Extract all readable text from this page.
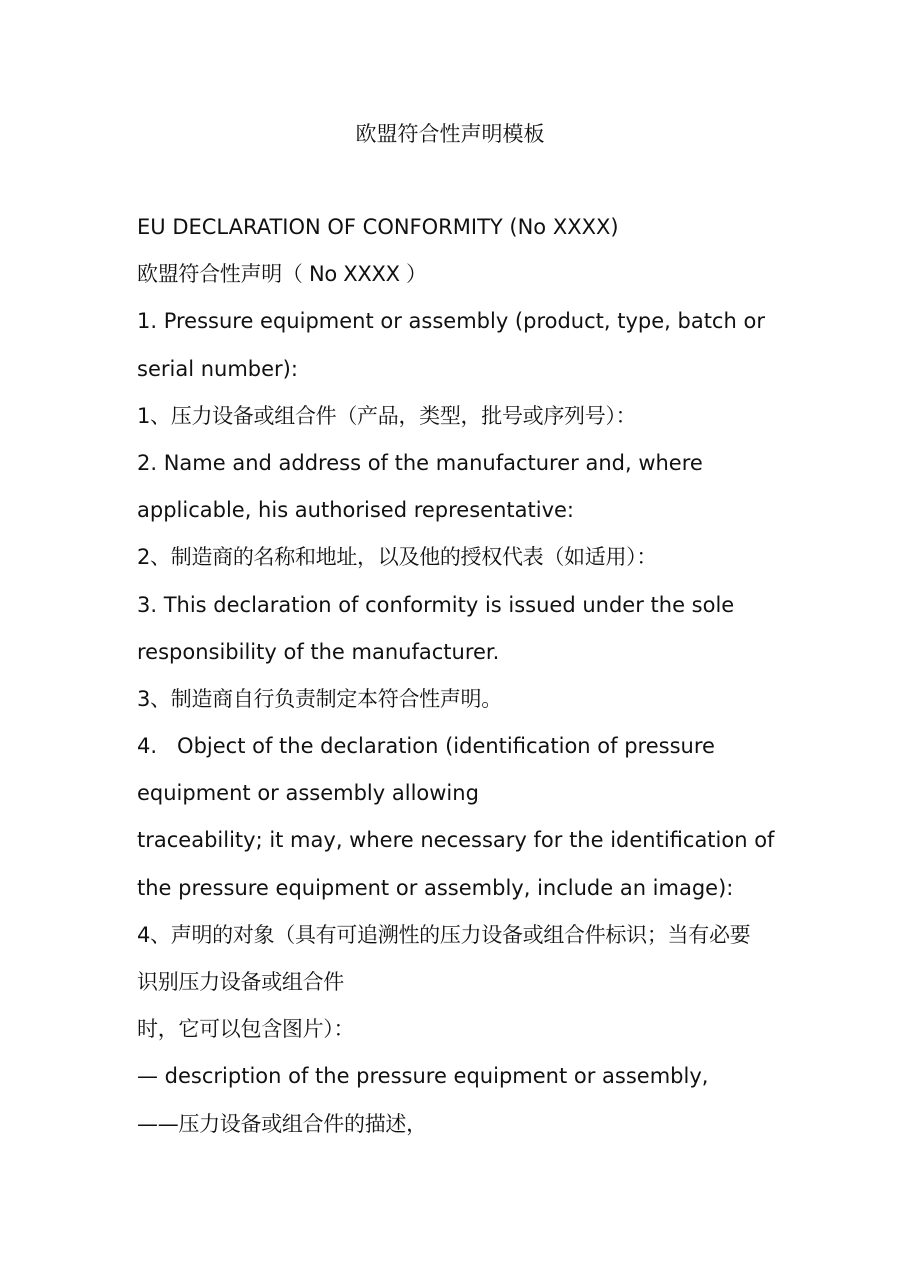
欧盟符合性声明模板
EU DECLARATION OF CONFORMITY (No XXXX)
欧盟符合性声明（ No XXXX ）
1. Pressure equipment or assembly (product, type, batch or
serial number):
1、压力设备或组合件（产品，类型，批号或序列号）：
2. Name and address of the manufacturer and, where
applicable, his authorised representative:
2、制造商的名称和地址，以及他的授权代表（如适用）：
3. This declaration of conformity is issued under the sole
responsibility of the manufacturer.
3、制造商自行负责制定本符合性声明。
4.   Object of the declaration (identification of pressure
equipment or assembly allowing
traceability; it may, where necessary for the identification of
the pressure equipment or assembly, include an image):
4、声明的对象（具有可追溯性的压力设备或组合件标识；当有必要
识别压力设备或组合件
时，它可以包含图片）：
— description of the pressure equipment or assembly,
——压力设备或组合件的描述，
